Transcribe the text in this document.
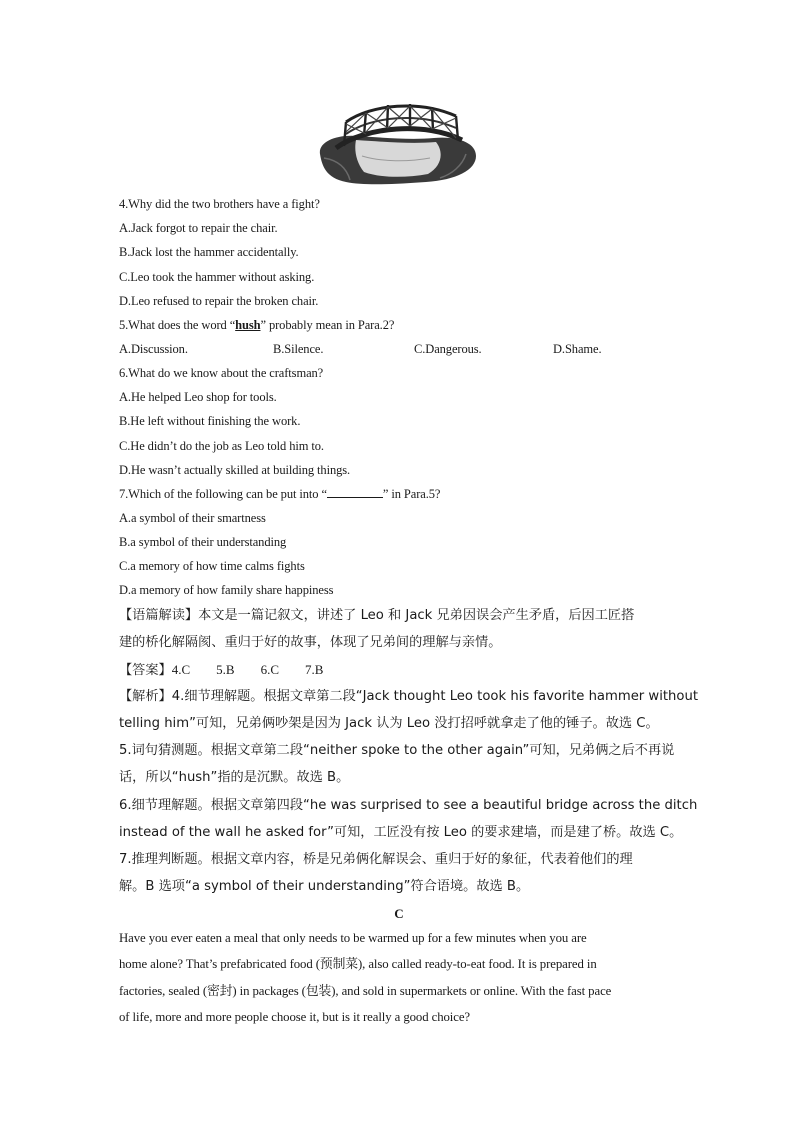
4.Why did the two brothers have a fight?
A.Jack forgot to repair the chair.
B.Jack lost the hammer accidentally.
C.Leo took the hammer without asking.
D.Leo refused to repair the broken chair.
5.What does the word “hush” probably mean in Para.2?
A.Discussion.	B.Silence.	C.Dangerous.	D.Shame.
6.What do we know about the craftsman?
A.He helped Leo shop for tools.
B.He left without finishing the work.
C.He didn’t do the job as Leo told him to.
D.He wasn’t actually skilled at building things.
7.Which of the following can be put into “	” in Para.5?
A.a symbol of their smartness
B.a symbol of their understanding
C.a memory of how time calms fights
D.a memory of how family share happiness
【语篇解读】本文是一篇记叙文，讲述了 Leo 和 Jack 兄弟因误会产生矛盾，后因工匠搭
建的桥化解隔阂、重归于好的故事，体现了兄弟间的理解与亲情。
【答案】4.C 5.B 6.C 7.B
【解析】4.细节理解题。根据文章第二段“Jack thought Leo took his favorite hammer without
telling him”可知，兄弟俩吵架是因为 Jack 认为 Leo 没打招呼就拿走了他的锤子。故选 C。
5.词句猜测题。根据文章第二段“neither spoke to the other again”可知，兄弟俩之后不再说
话，所以“hush”指的是沉默。故选 B。
6.细节理解题。根据文章第四段“he was surprised to see a beautiful bridge across the ditch
instead of the wall he asked for”可知，工匠没有按 Leo 的要求建墙，而是建了桥。故选 C。
7.推理判断题。根据文章内容，桥是兄弟俩化解误会、重归于好的象征，代表着他们的理
解。B 选项“a symbol of their understanding”符合语境。故选 B。
C
Have you ever eaten a meal that only needs to be warmed up for a few minutes when you are
home alone? That’s prefabricated food (预制菜), also called ready-to-eat food. It is prepared in
factories, sealed (密封) in packages (包装), and sold in supermarkets or online. With the fast pace
of life, more and more people choose it, but is it really a good choice?
